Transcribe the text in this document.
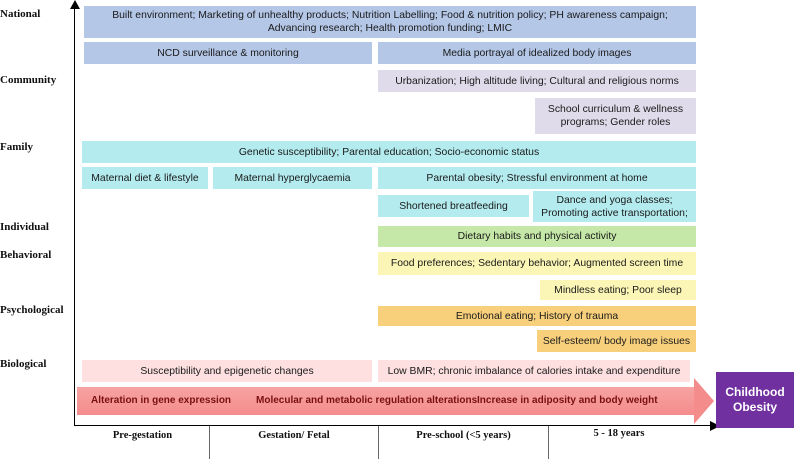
National
Community
Family
Individual
Behavioral
Psychological
Biological
Built environment; Marketing of unhealthy products; Nutrition Labelling; Food & nutrition policy; PH awareness campaign; Advancing research; Health promotion funding; LMIC
NCD surveillance & monitoring	Media portrayal of idealized body images
Urbanization; High altitude living; Cultural and religious norms
School curriculum & wellness programs; Gender roles
Genetic susceptibility; Parental education; Socio-economic status
Maternal diet & lifestyle	Maternal hyperglycaemia	Parental obesity; Stressful environment at home
Shortened breatfeeding
Dance and yoga classes; Promoting active transportation;
Dietary habits and physical activity
Food preferences; Sedentary behavior; Augmented screen time
Mindless eating; Poor sleep
Emotional eating; History of trauma
Self-esteem/ body image issues
Susceptibility and epigenetic changes	Low BMR; chronic imbalance of calories intake and expenditure
Alteration in gene expression Molecular and metabolic regulation alterations Increase in adiposity and body weight
Childhood Obesity
Pre-gestation	Gestation/ Fetal	Pre-school (<5 years)	5 - 18 years
